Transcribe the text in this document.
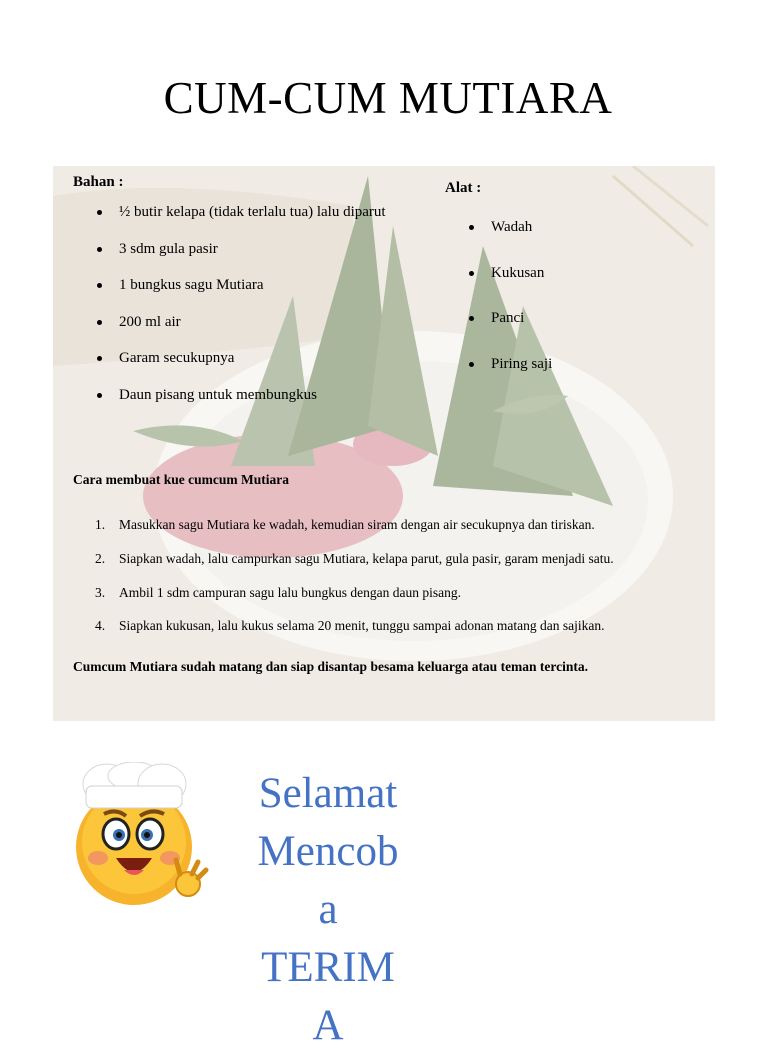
CUM-CUM MUTIARA
Bahan :
½ butir kelapa (tidak terlalu tua) lalu diparut
3 sdm gula pasir
1 bungkus sagu Mutiara
200 ml air
Garam secukupnya
Daun pisang untuk membungkus
Alat :
Wadah
Kukusan
Panci
Piring saji
Cara membuat kue cumcum Mutiara
1. Masukkan sagu Mutiara ke wadah, kemudian siram dengan air secukupnya dan tiriskan.
2. Siapkan wadah, lalu campurkan sagu Mutiara, kelapa parut, gula pasir, garam menjadi satu.
3. Ambil 1 sdm campuran sagu lalu bungkus dengan daun pisang.
4. Siapkan kukusan, lalu kukus selama 20 menit, tunggu sampai adonan matang dan sajikan.
Cumcum Mutiara sudah matang dan siap disantap besama keluarga atau teman tercinta.
Selamat
Mencob
a
TERIM
A
